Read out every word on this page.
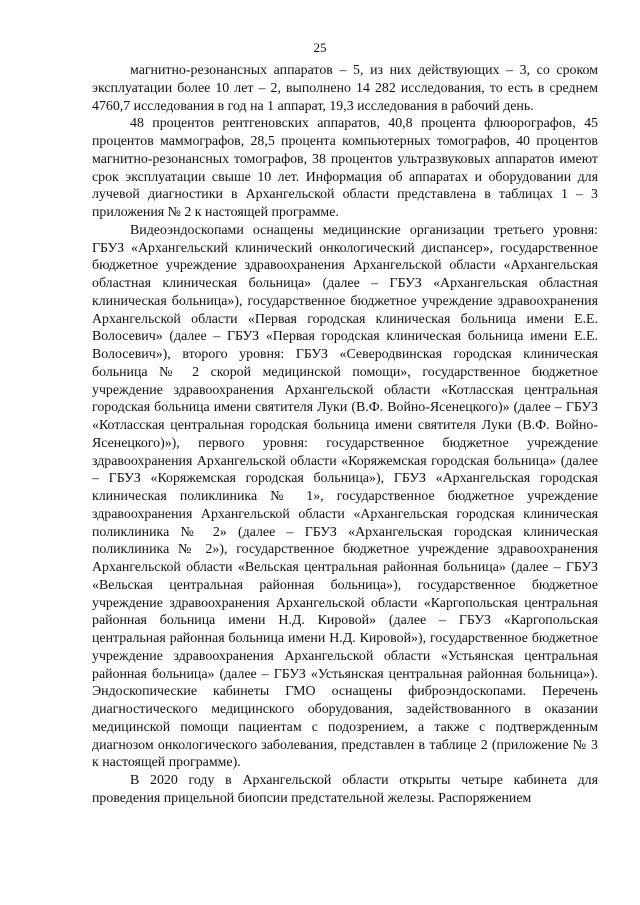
25

магнитно-резонансных аппаратов – 5, из них действующих – 3, со сроком эксплуатации более 10 лет – 2, выполнено 14 282 исследования, то есть в среднем 4760,7 исследования в год на 1 аппарат, 19,3 исследования в рабочий день.

48 процентов рентгеновских аппаратов, 40,8 процента флюорографов, 45 процентов маммографов, 28,5 процента компьютерных томографов, 40 процентов магнитно-резонансных томографов, 38 процентов ультразвуковых аппаратов имеют срок эксплуатации свыше 10 лет. Информация об аппаратах и оборудовании для лучевой диагностики в Архангельской области представлена в таблицах 1 – 3 приложения № 2 к настоящей программе.

Видеоэндоскопами оснащены медицинские организации третьего уровня: ГБУЗ «Архангельский клинический онкологический диспансер», государственное бюджетное учреждение здравоохранения Архангельской области «Архангельская областная клиническая больница» (далее – ГБУЗ «Архангельская областная клиническая больница»), государственное бюджетное учреждение здравоохранения Архангельской области «Первая городская клиническая больница имени Е.Е. Волосевич» (далее – ГБУЗ «Первая городская клиническая больница имени Е.Е. Волосевич»), второго уровня: ГБУЗ «Северодвинская городская клиническая больница № 2 скорой медицинской помощи», государственное бюджетное учреждение здравоохранения Архангельской области «Котласская центральная городская больница имени святителя Луки (В.Ф. Войно-Ясенецкого)» (далее – ГБУЗ «Котласская центральная городская больница имени святителя Луки (В.Ф. Войно-Ясенецкого)»), первого уровня: государственное бюджетное учреждение здравоохранения Архангельской области «Коряжемская городская больница» (далее – ГБУЗ «Коряжемская городская больница»), ГБУЗ «Архангельская городская клиническая поликлиника № 1», государственное бюджетное учреждение здравоохранения Архангельской области «Архангельская городская клиническая поликлиника № 2» (далее – ГБУЗ «Архангельская городская клиническая поликлиника № 2»), государственное бюджетное учреждение здравоохранения Архангельской области «Вельская центральная районная больница» (далее – ГБУЗ «Вельская центральная районная больница»), государственное бюджетное учреждение здравоохранения Архангельской области «Каргопольская центральная районная больница имени Н.Д. Кировой» (далее – ГБУЗ «Каргопольская центральная районная больница имени Н.Д. Кировой»), государственное бюджетное учреждение здравоохранения Архангельской области «Устьянская центральная районная больница» (далее – ГБУЗ «Устьянская центральная районная больница»). Эндоскопические кабинеты ГМО оснащены фиброэндоскопами. Перечень диагностического медицинского оборудования, задействованного в оказании медицинской помощи пациентам с подозрением, а также с подтвержденным диагнозом онкологического заболевания, представлен в таблице 2 (приложение № 3 к настоящей программе).

В 2020 году в Архангельской области открыты четыре кабинета для проведения прицельной биопсии предстательной железы. Распоряжением
